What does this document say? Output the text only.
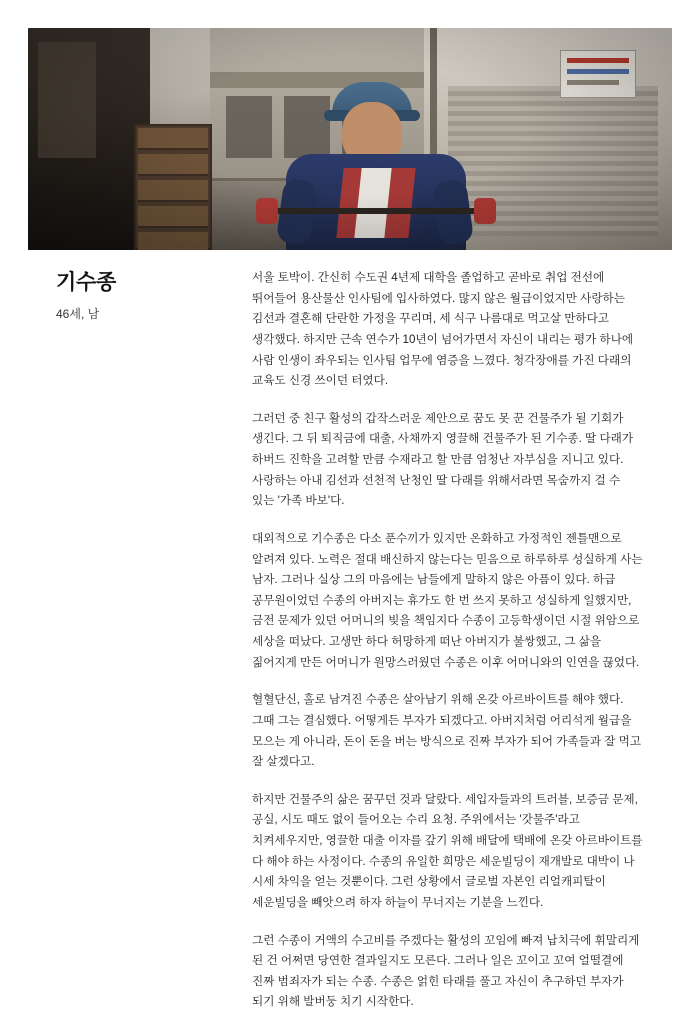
기수종

46세, 남

서울 토박이. 간신히 수도권 4년제 대학을 졸업하고 곧바로 취업 전선에 뛰어들어 용산물산 인사팀에 입사하였다. 많지 않은 월급이었지만 사랑하는 김선과 결혼해 단란한 가정을 꾸리며, 세 식구 나름대로 먹고살 만하다고 생각했다. 하지만 근속 연수가 10년이 넘어가면서 자신이 내리는 평가 하나에 사람 인생이 좌우되는 인사팀 업무에 염증을 느꼈다. 청각장애를 가진 다래의 교육도 신경 쓰이던 터였다.

그러던 중 친구 활성의 갑작스러운 제안으로 꿈도 못 꾼 건물주가 될 기회가 생긴다. 그 뒤 퇴직금에 대출, 사채까지 영끌해 건물주가 된 기수종. 딸 다래가 하버드 진학을 고려할 만큼 수재라고 할 만큼 엄청난 자부심을 지니고 있다. 사랑하는 아내 김선과 선천적 난청인 딸 다래를 위해서라면 목숨까지 걸 수 있는 '가족 바보'다.

대외적으로 기수종은 다소 푼수끼가 있지만 온화하고 가정적인 젠틀맨으로 알려져 있다. 노력은 절대 배신하지 않는다는 믿음으로 하루하루 성실하게 사는 남자. 그러나 실상 그의 마음에는 남들에게 말하지 않은 아픔이 있다. 하급 공무원이었던 수종의 아버지는 휴가도 한 번 쓰지 못하고 성실하게 일했지만, 금전 문제가 있던 어머니의 빚을 책임지다 수종이 고등학생이던 시절 위암으로 세상을 떠났다. 고생만 하다 허망하게 떠난 아버지가 불쌍했고, 그 삶을 짊어지게 만든 어머니가 원망스러웠던 수종은 이후 어머니와의 인연을 끊었다.

혈혈단신, 홀로 남겨진 수종은 살아남기 위해 온갖 아르바이트를 해야 했다. 그때 그는 결심했다. 어떻게든 부자가 되겠다고. 아버지처럼 어리석게 월급을 모으는 게 아니라, 돈이 돈을 버는 방식으로 진짜 부자가 되어 가족들과 잘 먹고 잘 살겠다고.

하지만 건물주의 삶은 꿈꾸던 것과 달랐다. 세입자들과의 트러블, 보증금 문제, 공실, 시도 때도 없이 들어오는 수리 요청. 주위에서는 '갓물주'라고 치켜세우지만, 영끌한 대출 이자를 갚기 위해 배달에 택배에 온갖 아르바이트를 다 해야 하는 사정이다. 수종의 유일한 희망은 세운빌딩이 재개발로 대박이 나 시세 차익을 얻는 것뿐이다. 그런 상황에서 글로벌 자본인 리얼캐피탈이 세운빌딩을 빼앗으려 하자 하늘이 무너지는 기분을 느낀다.

그런 수종이 거액의 수고비를 주겠다는 활성의 꼬임에 빠져 납치극에 휘말리게 된 건 어쩌면 당연한 결과일지도 모른다. 그러나 일은 꼬이고 꼬여 얼떨결에 진짜 범죄자가 되는 수종. 수종은 얽힌 타래를 풀고 자신이 추구하던 부자가 되기 위해 발버둥 치기 시작한다.
